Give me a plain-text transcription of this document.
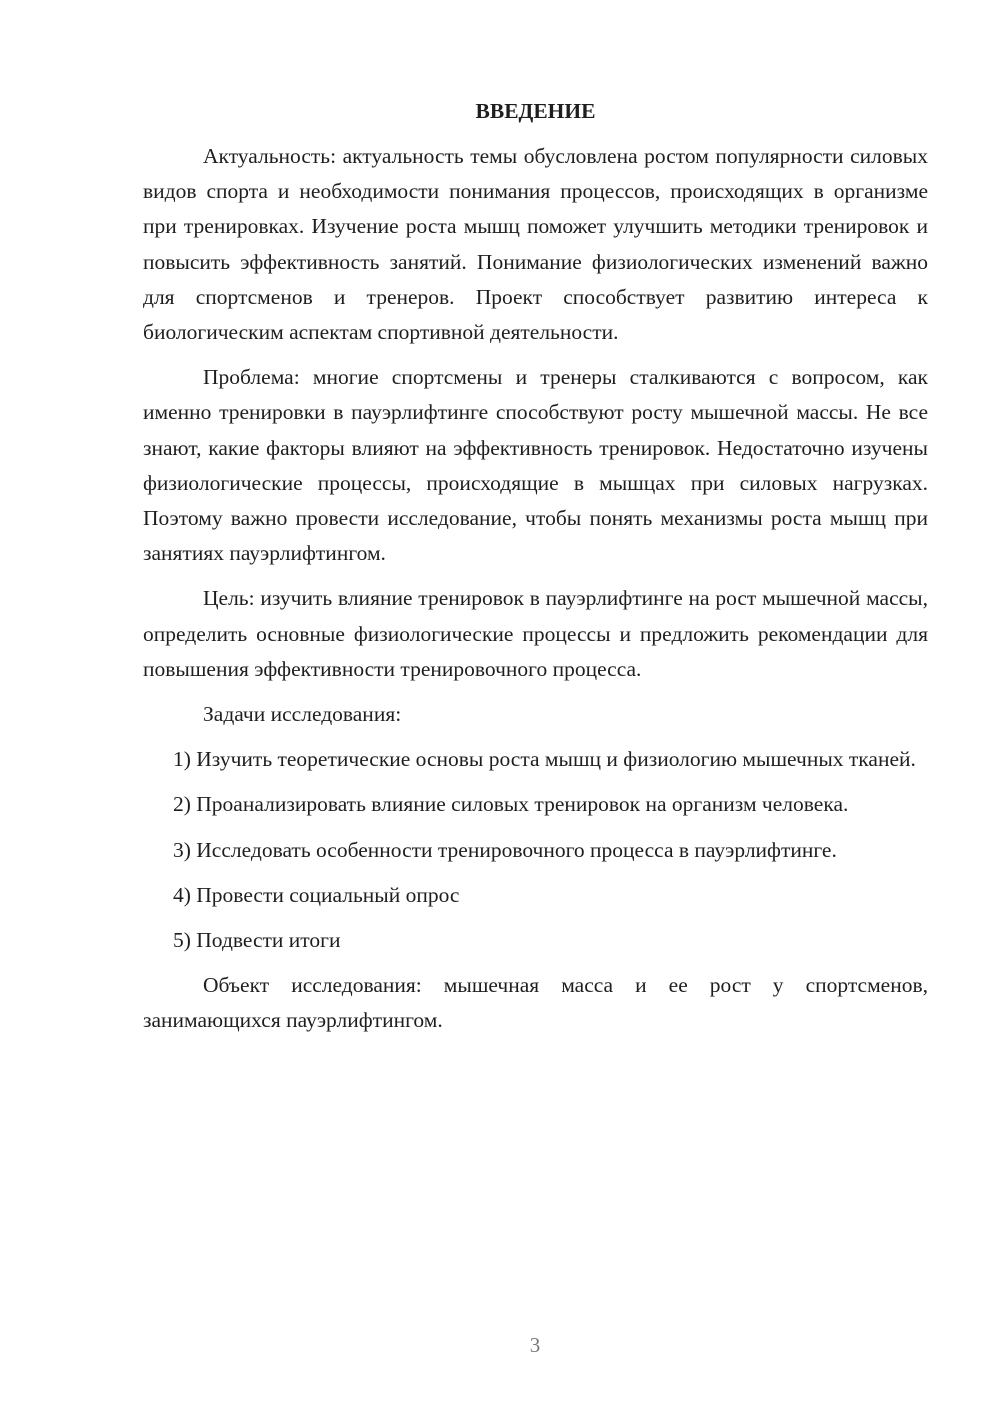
ВВЕДЕНИЕ

Актуальность: актуальность темы обусловлена ростом популярности силовых видов спорта и необходимости понимания процессов, происходящих в организме при тренировках. Изучение роста мышц поможет улучшить методики тренировок и повысить эффективность занятий. Понимание физиологических изменений важно для спортсменов и тренеров. Проект способствует развитию интереса к биологическим аспектам спортивной деятельности.

Проблема: многие спортсмены и тренеры сталкиваются с вопросом, как именно тренировки в пауэрлифтинге способствуют росту мышечной массы. Не все знают, какие факторы влияют на эффективность тренировок. Недостаточно изучены физиологические процессы, происходящие в мышцах при силовых нагрузках. Поэтому важно провести исследование, чтобы понять механизмы роста мышц при занятиях пауэрлифтингом.

Цель: изучить влияние тренировок в пауэрлифтинге на рост мышечной массы, определить основные физиологические процессы и предложить рекомендации для повышения эффективности тренировочного процесса.

Задачи исследования:

1) Изучить теоретические основы роста мышц и физиологию мышечных тканей.

2) Проанализировать влияние силовых тренировок на организм человека.

3) Исследовать особенности тренировочного процесса в пауэрлифтинге.

4) Провести социальный опрос

5) Подвести итоги

Объект исследования: мышечная масса и ее рост у спортсменов, занимающихся пауэрлифтингом.

3
